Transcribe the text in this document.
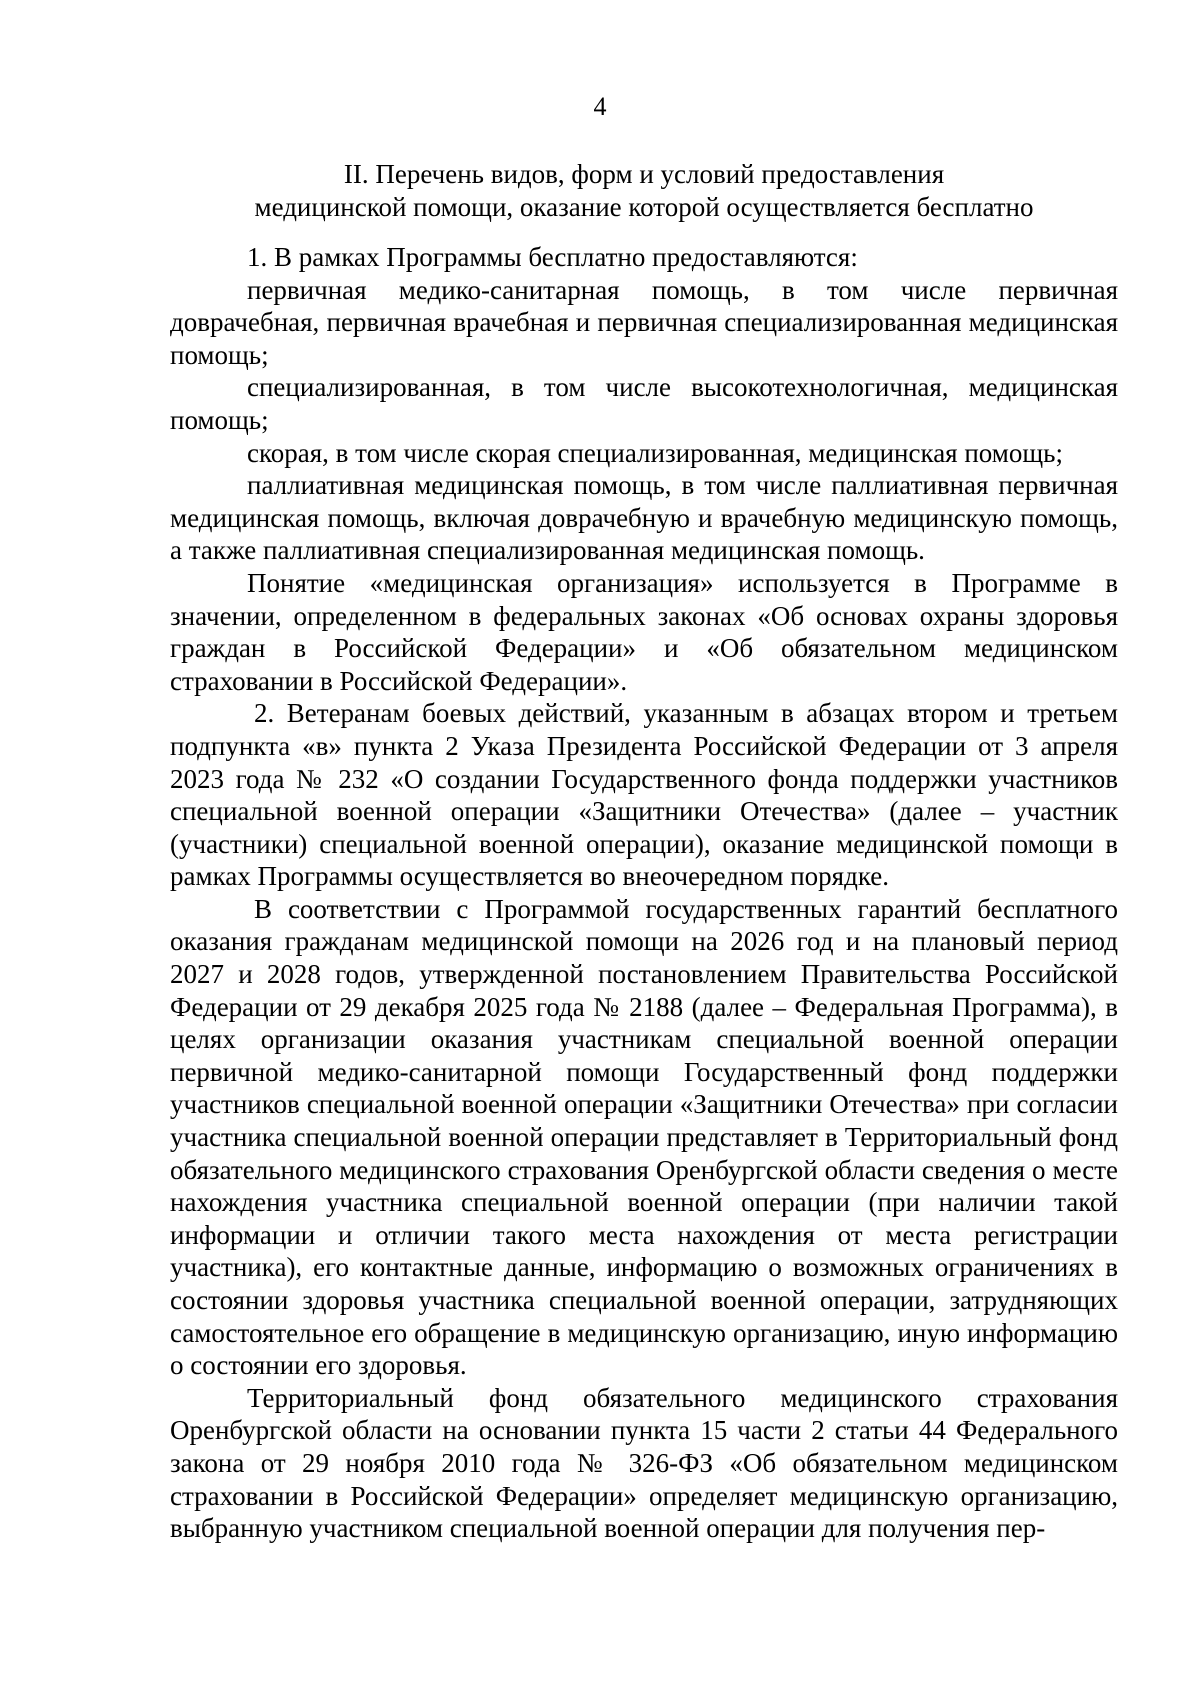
4
II. Перечень видов, форм и условий предоставления
медицинской помощи, оказание которой осуществляется бесплатно

1. В рамках Программы бесплатно предоставляются:

первичная медико-санитарная помощь, в том числе первичная доврачебная, первичная врачебная и первичная специализированная медицинская помощь;

специализированная, в том числе высокотехнологичная, медицинская помощь;

скорая, в том числе скорая специализированная, медицинская помощь;

паллиативная медицинская помощь, в том числе паллиативная первичная медицинская помощь, включая доврачебную и врачебную медицинскую помощь, а также паллиативная специализированная медицинская помощь.

Понятие «медицинская организация» используется в Программе в значении, определенном в федеральных законах «Об основах охраны здоровья граждан в Российской Федерации» и «Об обязательном медицинском страховании в Российской Федерации».

2. Ветеранам боевых действий, указанным в абзацах втором и третьем подпункта «в» пункта 2 Указа Президента Российской Федерации от 3 апреля 2023 года № 232 «О создании Государственного фонда поддержки участников специальной военной операции «Защитники Отечества» (далее – участник (участники) специальной военной операции), оказание медицинской помощи в рамках Программы осуществляется во внеочередном порядке.

В соответствии с Программой государственных гарантий бесплатного оказания гражданам медицинской помощи на 2026 год и на плановый период 2027 и 2028 годов, утвержденной постановлением Правительства Российской Федерации от 29 декабря 2025 года № 2188 (далее – Федеральная Программа), в целях организации оказания участникам специальной военной операции первичной медико-санитарной помощи Государственный фонд поддержки участников специальной военной операции «Защитники Отечества» при согласии участника специальной военной операции представляет в Территориальный фонд обязательного медицинского страхования Оренбургской области сведения о месте нахождения участника специальной военной операции (при наличии такой информации и отличии такого места нахождения от места регистрации участника), его контактные данные, информацию о возможных ограничениях в состоянии здоровья участника специальной военной операции, затрудняющих самостоятельное его обращение в медицинскую организацию, иную информацию о состоянии его здоровья.

Территориальный фонд обязательного медицинского страхования Оренбургской области на основании пункта 15 части 2 статьи 44 Федерального закона от 29 ноября 2010 года № 326-ФЗ «Об обязательном медицинском страховании в Российской Федерации» определяет медицинскую организацию, выбранную участником специальной военной операции для получения пер-
